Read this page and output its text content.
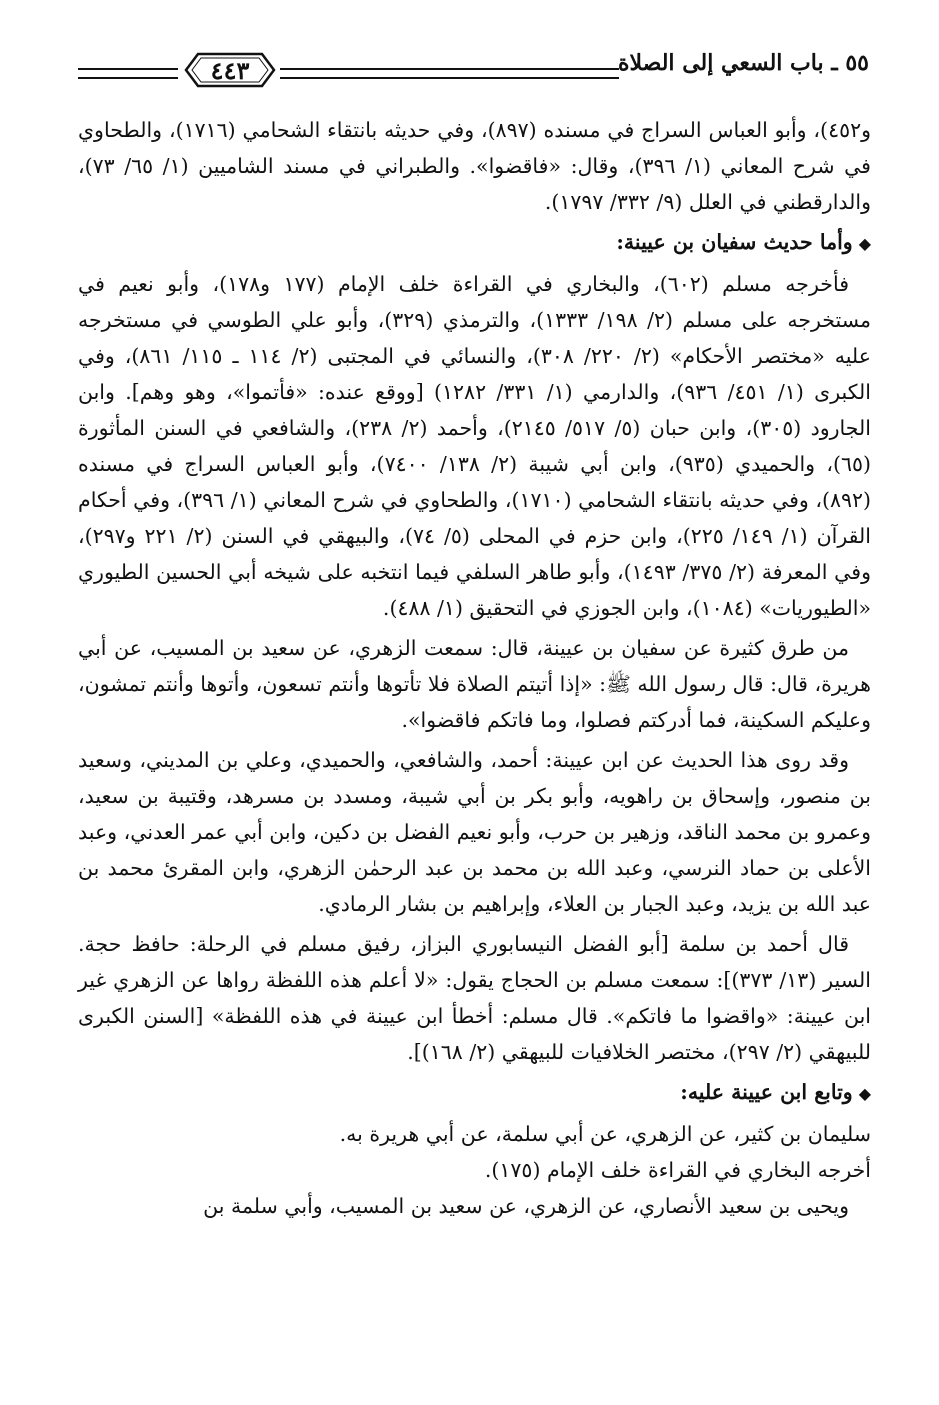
٤٤٣	٥٥ ـ باب السعي إلى الصلاة

و٤٥٢)، وأبو العباس السراج في مسنده (٨٩٧)، وفي حديثه بانتقاء الشحامي (١٧١٦)، والطحاوي في شرح المعاني (١/ ٣٩٦)، وقال: «فاقضوا». والطبراني في مسند الشاميين (١/ ٦٥/ ٧٣)، والدارقطني في العلل (٩/ ٣٣٢/ ١٧٩٧).

◆وأما حديث سفيان بن عيينة:

فأخرجه مسلم (٦٠٢)، والبخاري في القراءة خلف الإمام (١٧٧ و١٧٨)، وأبو نعيم في مستخرجه على مسلم (٢/ ١٩٨/ ١٣٣٣)، والترمذي (٣٢٩)، وأبو علي الطوسي في مستخرجه عليه «مختصر الأحكام» (٢/ ٢٢٠/ ٣٠٨)، والنسائي في المجتبى (٢/ ١١٤ ـ ١١٥/ ٨٦١)، وفي الكبرى (١/ ٤٥١/ ٩٣٦)، والدارمي (١/ ٣٣١/ ١٢٨٢) [ووقع عنده: «فأتموا»، وهو وهم]. وابن الجارود (٣٠٥)، وابن حبان (٥/ ٥١٧/ ٢١٤٥)، وأحمد (٢/ ٢٣٨)، والشافعي في السنن المأثورة (٦٥)، والحميدي (٩٣٥)، وابن أبي شيبة (٢/ ١٣٨/ ٧٤٠٠)، وأبو العباس السراج في مسنده (٨٩٢)، وفي حديثه بانتقاء الشحامي (١٧١٠)، والطحاوي في شرح المعاني (١/ ٣٩٦)، وفي أحكام القرآن (١/ ١٤٩/ ٢٢٥)، وابن حزم في المحلى (٥/ ٧٤)، والبيهقي في السنن (٢/ ٢٢١ و٢٩٧)، وفي المعرفة (٢/ ٣٧٥/ ١٤٩٣)، وأبو طاهر السلفي فيما انتخبه على شيخه أبي الحسين الطيوري «الطيوريات» (١٠٨٤)، وابن الجوزي في التحقيق (١/ ٤٨٨).

من طرق كثيرة عن سفيان بن عيينة، قال: سمعت الزهري، عن سعيد بن المسيب، عن أبي هريرة، قال: قال رسول الله ﷺ: «إذا أتيتم الصلاة فلا تأتوها وأنتم تسعون، وأتوها وأنتم تمشون، وعليكم السكينة، فما أدركتم فصلوا، وما فاتكم فاقضوا».

وقد روى هذا الحديث عن ابن عيينة: أحمد، والشافعي، والحميدي، وعلي بن المديني، وسعيد بن منصور، وإسحاق بن راهويه، وأبو بكر بن أبي شيبة، ومسدد بن مسرهد، وقتيبة بن سعيد، وعمرو بن محمد الناقد، وزهير بن حرب، وأبو نعيم الفضل بن دكين، وابن أبي عمر العدني، وعبد الأعلى بن حماد النرسي، وعبد الله بن محمد بن عبد الرحمٰن الزهري، وابن المقرئ محمد بن عبد الله بن يزيد، وعبد الجبار بن العلاء، وإبراهيم بن بشار الرمادي.

قال أحمد بن سلمة [أبو الفضل النيسابوري البزاز، رفيق مسلم في الرحلة: حافظ حجة. السير (١٣/ ٣٧٣)]: سمعت مسلم بن الحجاج يقول: «لا أعلم هذه اللفظة رواها عن الزهري غير ابن عيينة: «واقضوا ما فاتكم». قال مسلم: أخطأ ابن عيينة في هذه اللفظة» [السنن الكبرى للبيهقي (٢/ ٢٩٧)، مختصر الخلافيات للبيهقي (٢/ ١٦٨)].

◆وتابع ابن عيينة عليه:

سليمان بن كثير، عن الزهري، عن أبي سلمة، عن أبي هريرة به.

أخرجه البخاري في القراءة خلف الإمام (١٧٥).

ويحيى بن سعيد الأنصاري، عن الزهري، عن سعيد بن المسيب، وأبي سلمة بن
